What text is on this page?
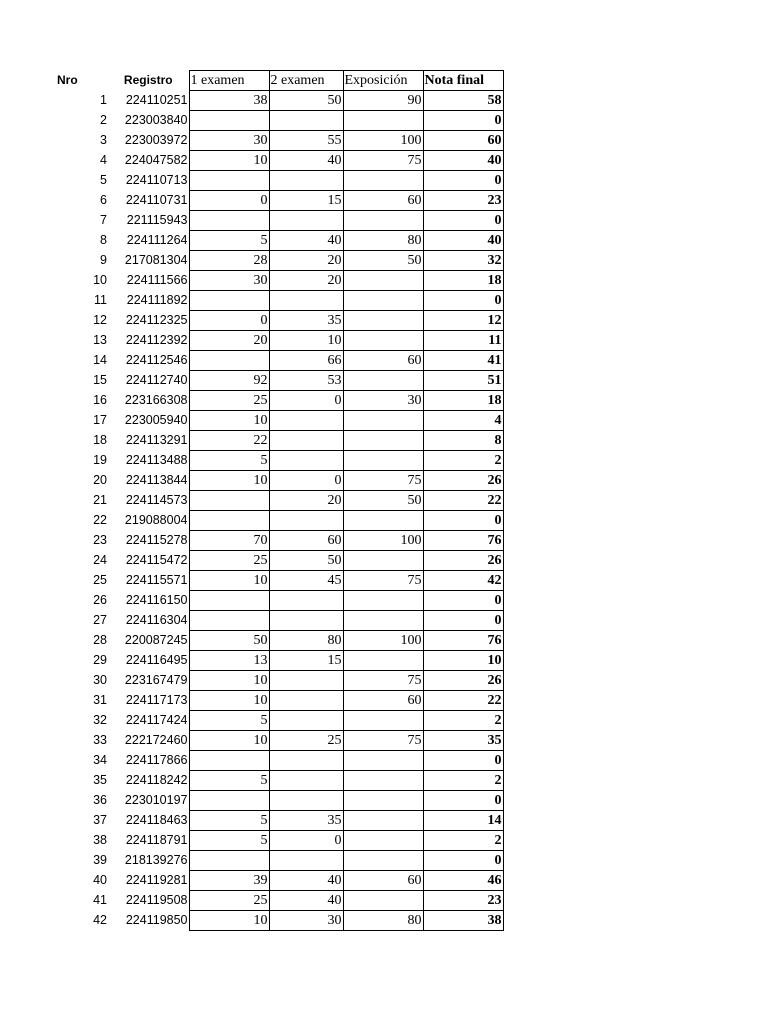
Nro	Registro	1 examen	2 examen	Exposición	Nota final
1	224110251	38	50	90	58
2	223003840				0
3	223003972	30	55	100	60
4	224047582	10	40	75	40
5	224110713				0
6	224110731	0	15	60	23
7	221115943				0
8	224111264	5	40	80	40
9	217081304	28	20	50	32
10	224111566	30	20		18
11	224111892				0
12	224112325	0	35		12
13	224112392	20	10		11
14	224112546		66	60	41
15	224112740	92	53		51
16	223166308	25	0	30	18
17	223005940	10			4
18	224113291	22			8
19	224113488	5			2
20	224113844	10	0	75	26
21	224114573		20	50	22
22	219088004				0
23	224115278	70	60	100	76
24	224115472	25	50		26
25	224115571	10	45	75	42
26	224116150				0
27	224116304				0
28	220087245	50	80	100	76
29	224116495	13	15		10
30	223167479	10		75	26
31	224117173	10		60	22
32	224117424	5			2
33	222172460	10	25	75	35
34	224117866				0
35	224118242	5			2
36	223010197				0
37	224118463	5	35		14
38	224118791	5	0		2
39	218139276				0
40	224119281	39	40	60	46
41	224119508	25	40		23
42	224119850	10	30	80	38
